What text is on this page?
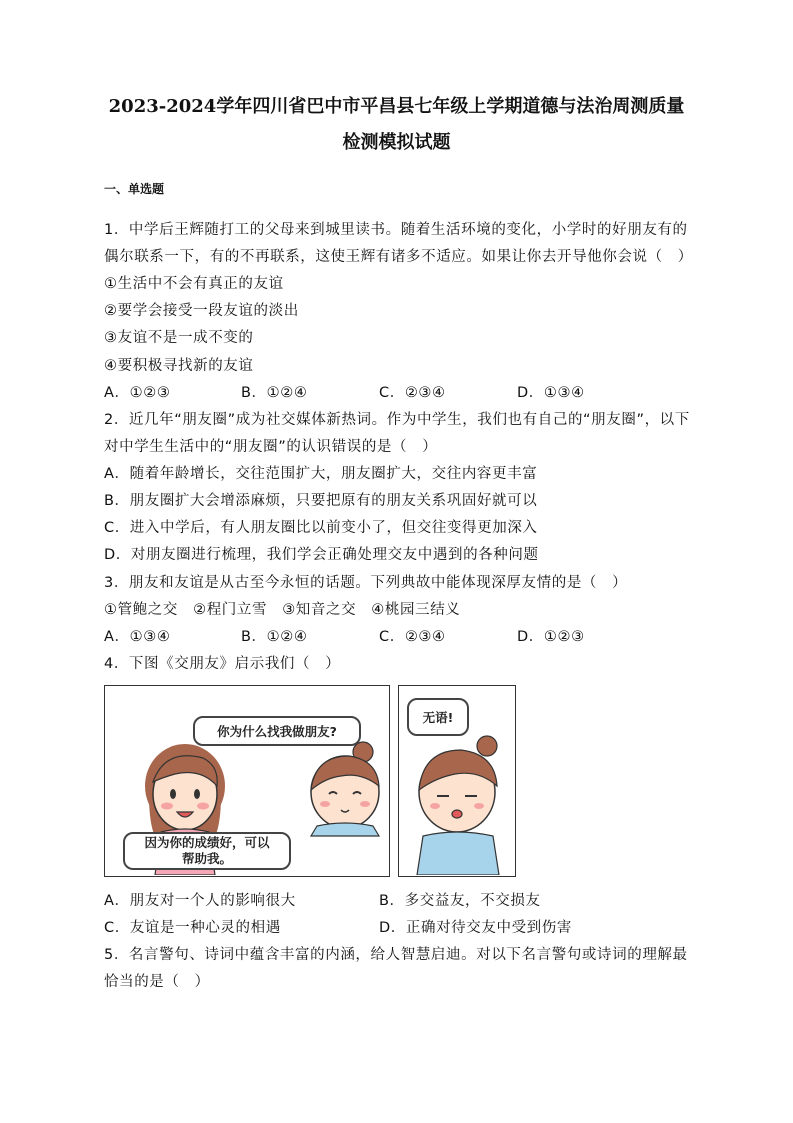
2023-2024学年四川省巴中市平昌县七年级上学期道德与法治周测质量
检测模拟试题
一、单选题
1．中学后王辉随打工的父母来到城里读书。随着生活环境的变化，小学时的好朋友有的
偶尔联系一下，有的不再联系，这使王辉有诸多不适应。如果让你去开导他你会说（　）
①生活中不会有真正的友谊
②要学会接受一段友谊的淡出
③友谊不是一成不变的
④要积极寻找新的友谊
A．①②③	B．①②④	C．②③④	D．①③④
2．近几年“朋友圈”成为社交媒体新热词。作为中学生，我们也有自己的“朋友圈”，以下
对中学生生活中的“朋友圈”的认识错误的是（　）
A．随着年龄增长，交往范围扩大，朋友圈扩大，交往内容更丰富
B．朋友圈扩大会增添麻烦，只要把原有的朋友关系巩固好就可以
C．进入中学后，有人朋友圈比以前变小了，但交往变得更加深入
D．对朋友圈进行梳理，我们学会正确处理交友中遇到的各种问题
3．朋友和友谊是从古至今永恒的话题。下列典故中能体现深厚友情的是（　）
①管鲍之交　②程门立雪　③知音之交　④桃园三结义
A．①③④	B．①②④	C．②③④	D．①②③
4．下图《交朋友》启示我们（　）
你为什么找我做朋友?
因为你的成绩好，可以
帮助我。
无语!
A．朋友对一个人的影响很大	B．多交益友，不交损友
C．友谊是一种心灵的相遇	D．正确对待交友中受到伤害
5．名言警句、诗词中蕴含丰富的内涵，给人智慧启迪。对以下名言警句或诗词的理解最
恰当的是（　）
